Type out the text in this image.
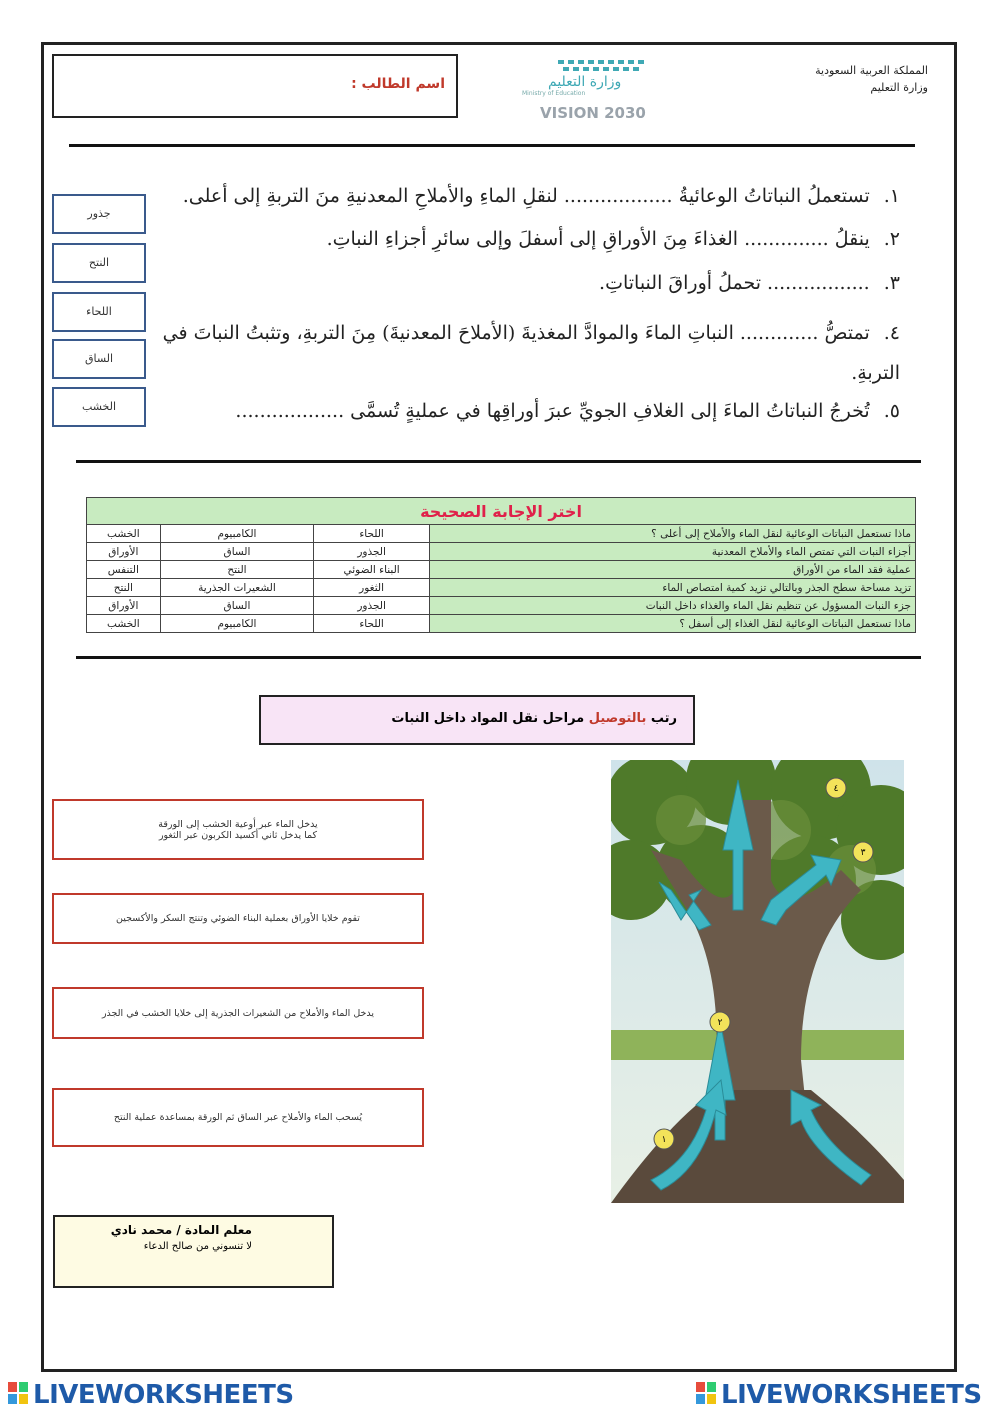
اسم الطالب :
المملكة العربية السعودية
وزارة التعليم
وزارة التعليم
Ministry of Education
VISION 2030
١.تستعملُ النباتاتُ الوعائيةُ .................. لنقلِ الماءِ والأملاحِ المعدنيةِ منَ التربةِ إلى أعلى.
٢.ينقلُ .............. الغذاءَ مِنَ الأوراقِ إلى أسفلَ وإلى سائرِ أجزاءِ النباتِ.
٣.................. تحملُ أوراقَ النباتاتِ.
٤.تمتصُّ ............. النباتِ الماءَ والموادَّ المغذيةَ (الأملاحَ المعدنيةَ) مِنَ التربةِ، وتثبتُ النباتَ في التربةِ.
٥.تُخرجُ النباتاتُ الماءَ إلى الغلافِ الجويِّ عبرَ أوراقِها في عمليةٍ تُسمَّى ..................
جذور
النتح
اللحاء
الساق
الخشب
اختر الإجابة الصحيحة			
الخشب	الكامبيوم	اللحاء	ماذا تستعمل النباتات الوعائية لنقل الماء والأملاح إلى أعلى ؟
الأوراق	الساق	الجذور	أجزاء النبات التي تمتص الماء والأملاح المعدنية
التنفس	النتح	البناء الضوئي	عملية فقد الماء من الأوراق
النتح	الشعيرات الجذرية	الثغور	تزيد مساحة سطح الجذر وبالتالي تزيد كمية امتصاص الماء
الأوراق	الساق	الجذور	جزء النبات المسؤول عن تنظيم نقل الماء والغذاء داخل النبات
الخشب	الكامبيوم	اللحاء	ماذا تستعمل النباتات الوعائية لنقل الغذاء إلى أسفل ؟
رتب بالتوصيل مراحل نقل المواد داخل النبات
يدخل الماء عبر أوعية الخشب إلى الورقة
كما يدخل ثاني أكسيد الكربون عبر الثغور
تقوم خلايا الأوراق بعملية البناء الضوئي وتنتج السكر والأكسجين
يدخل الماء والأملاح من الشعيرات الجذرية إلى خلايا الخشب في الجذر
يُسحب الماء والأملاح عبر الساق ثم الورقة بمساعدة عملية النتح
١
٢
٣
٤
معلم المادة / محمد نادي
لا تنسوني من صالح الدعاء
LIVEWORKSHEETS	LIVEWORKSHEETS
